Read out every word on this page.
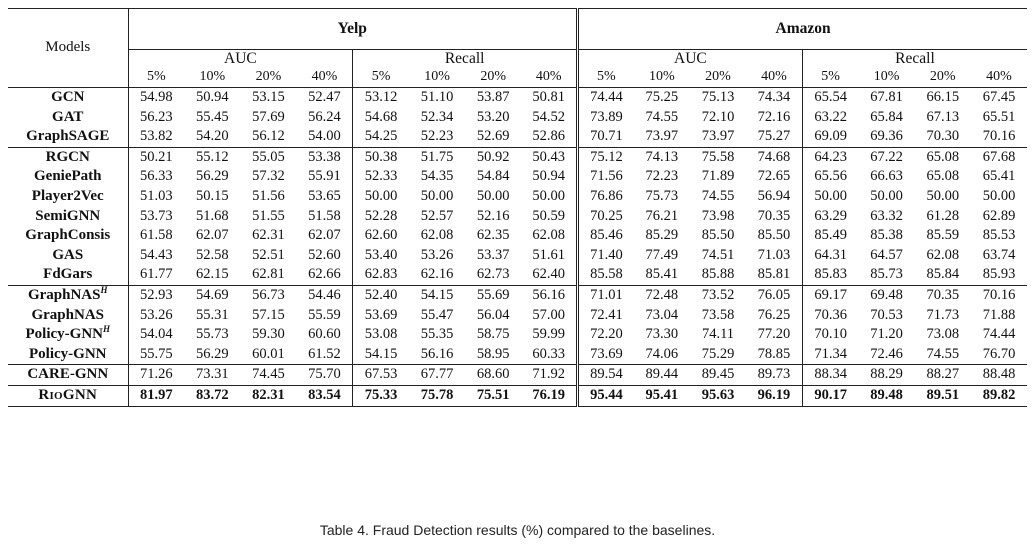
Models	Yelp								Amazon							
	AUC				Recall				AUC				Recall			
	5%	10%	20%	40%	5%	10%	20%	40%	5%	10%	20%	40%	5%	10%	20%	40%
GCN	54.98	50.94	53.15	52.47	53.12	51.10	53.87	50.81	74.44	75.25	75.13	74.34	65.54	67.81	66.15	67.45
GAT	56.23	55.45	57.69	56.24	54.68	52.34	53.20	54.52	73.89	74.55	72.10	72.16	63.22	65.84	67.13	65.51
GraphSAGE	53.82	54.20	56.12	54.00	54.25	52.23	52.69	52.86	70.71	73.97	73.97	75.27	69.09	69.36	70.30	70.16
RGCN	50.21	55.12	55.05	53.38	50.38	51.75	50.92	50.43	75.12	74.13	75.58	74.68	64.23	67.22	65.08	67.68
GeniePath	56.33	56.29	57.32	55.91	52.33	54.35	54.84	50.94	71.56	72.23	71.89	72.65	65.56	66.63	65.08	65.41
Player2Vec	51.03	50.15	51.56	53.65	50.00	50.00	50.00	50.00	76.86	75.73	74.55	56.94	50.00	50.00	50.00	50.00
SemiGNN	53.73	51.68	51.55	51.58	52.28	52.57	52.16	50.59	70.25	76.21	73.98	70.35	63.29	63.32	61.28	62.89
GraphConsis	61.58	62.07	62.31	62.07	62.60	62.08	62.35	62.08	85.46	85.29	85.50	85.50	85.49	85.38	85.59	85.53
GAS	54.43	52.58	52.51	52.60	53.40	53.26	53.37	51.61	71.40	77.49	74.51	71.03	64.31	64.57	62.08	63.74
FdGars	61.77	62.15	62.81	62.66	62.83	62.16	62.73	62.40	85.58	85.41	85.88	85.81	85.83	85.73	85.84	85.93
GraphNAS$^H$	52.93	54.69	56.73	54.46	52.40	54.15	55.69	56.16	71.01	72.48	73.52	76.05	69.17	69.48	70.35	70.16
GraphNAS	53.26	55.31	57.15	55.59	53.69	55.47	56.04	57.00	72.41	73.04	73.58	76.25	70.36	70.53	71.73	71.88
Policy-$GNN^H$	54.04	55.73	59.30	60.60	53.08	55.35	58.75	59.99	72.20	73.30	74.11	77.20	70.10	71.20	73.08	74.44
Policy-GNN	55.75	56.29	60.01	61.52	54.15	56.16	58.95	60.33	73.69	74.06	75.29	78.85	71.34	72.46	74.55	76.70
CARE-GNN	71.26	73.31	74.45	75.70	67.53	67.77	68.60	71.92	89.54	89.44	89.45	89.73	88.34	88.29	88.27	88.48
RioGNN	81.97	83.72	82.31	83.54	75.33	75.78	75.51	76.19	95.44	95.41	95.63	96.19	90.17	89.48	89.51	89.82
Table 4. Fraud Detection results (%) compared to the baselines.
